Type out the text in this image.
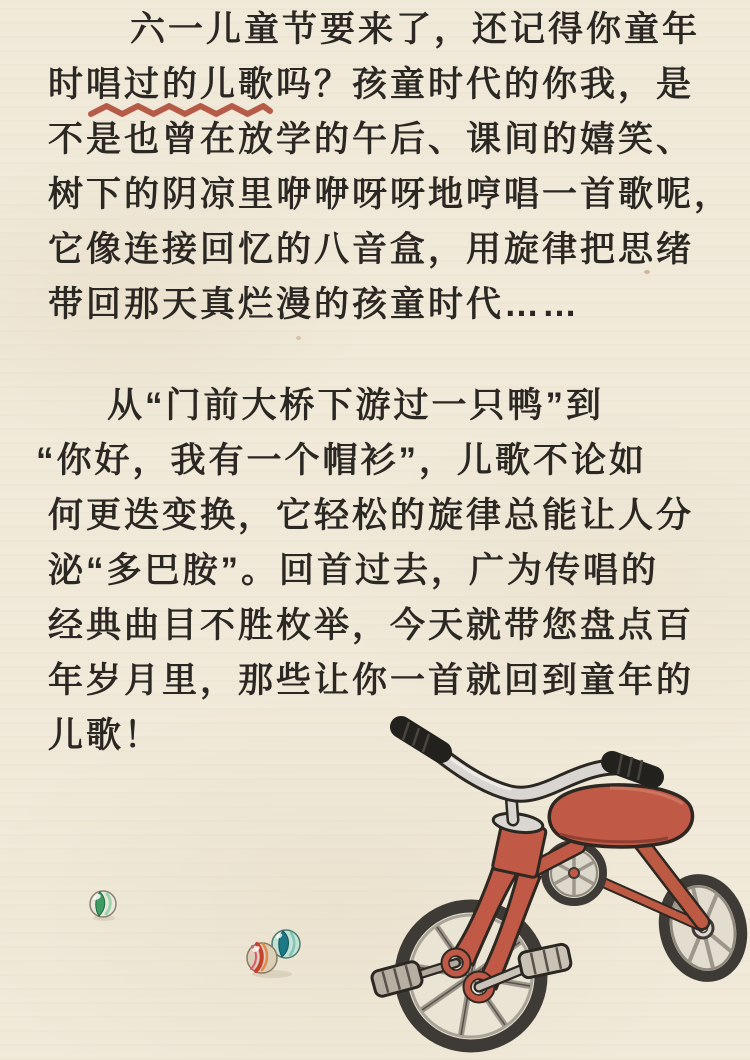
六一儿童节要来了，还记得你童年
时唱过的儿歌
吗？孩童时代的你我，是
不是也曾在放学的午后、课间的嬉笑、
树下的阴凉里咿咿呀呀地哼唱一首歌呢，
它像连接回忆的八音盒，用旋律把思绪
带回那天真烂漫的孩童时代……
从“门前大桥下游过一只鸭”到
“你好，我有一个帽衫”，儿歌不论如
何更迭变换，它轻松的旋律总能让人分
泌“多巴胺”。回首过去，广为传唱的
经典曲目不胜枚举，今天就带您盘点百
年岁月里，那些让你一首就回到童年的
儿歌！
